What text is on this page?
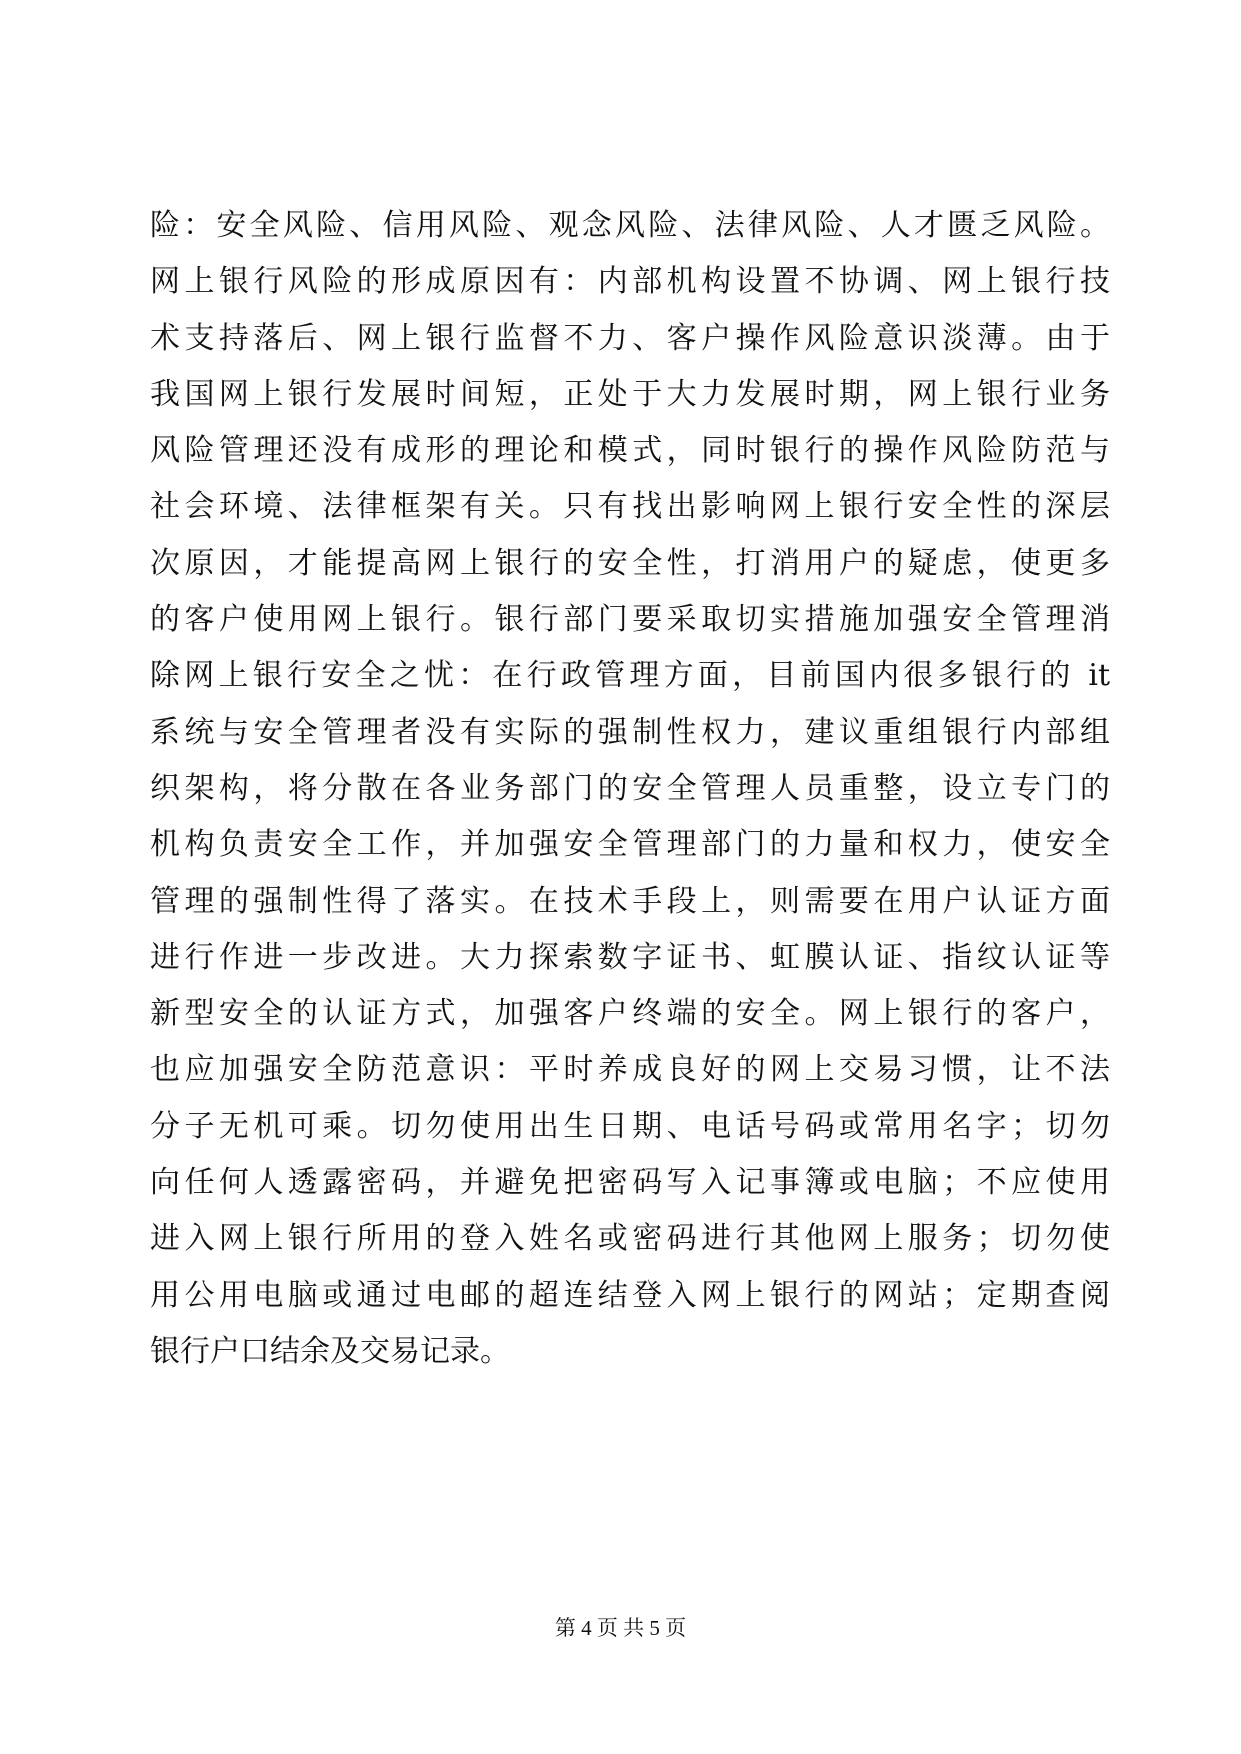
险：安全风险、信用风险、观念风险、法律风险、人才匮乏风险。
网上银行风险的形成原因有：内部机构设置不协调、网上银行技
术支持落后、网上银行监督不力、客户操作风险意识淡薄。由于
我国网上银行发展时间短，正处于大力发展时期，网上银行业务
风险管理还没有成形的理论和模式，同时银行的操作风险防范与
社会环境、法律框架有关。只有找出影响网上银行安全性的深层
次原因，才能提高网上银行的安全性，打消用户的疑虑，使更多
的客户使用网上银行。银行部门要采取切实措施加强安全管理消
除网上银行安全之忧：在行政管理方面，目前国内很多银行的 it
系统与安全管理者没有实际的强制性权力，建议重组银行内部组
织架构，将分散在各业务部门的安全管理人员重整，设立专门的
机构负责安全工作，并加强安全管理部门的力量和权力，使安全
管理的强制性得了落实。在技术手段上，则需要在用户认证方面
进行作进一步改进。大力探索数字证书、虹膜认证、指纹认证等
新型安全的认证方式，加强客户终端的安全。网上银行的客户，
也应加强安全防范意识：平时养成良好的网上交易习惯，让不法
分子无机可乘。切勿使用出生日期、电话号码或常用名字；切勿
向任何人透露密码，并避免把密码写入记事簿或电脑；不应使用
进入网上银行所用的登入姓名或密码进行其他网上服务；切勿使
用公用电脑或通过电邮的超连结登入网上银行的网站；定期查阅
银行户口结余及交易记录。
第 4 页 共 5 页
